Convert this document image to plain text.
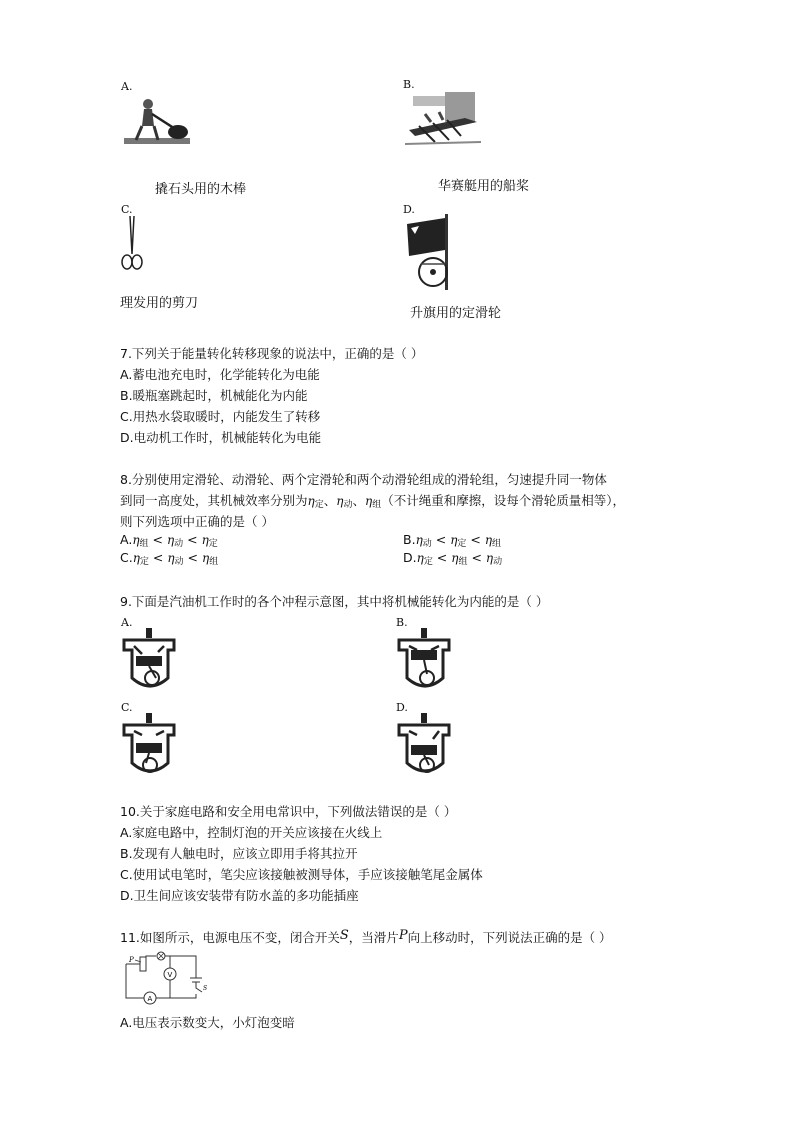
A.
撬石头用的木棒
B.
华赛艇用的船桨
C.
理发用的剪刀
D.
升旗用的定滑轮
7.下列关于能量转化转移现象的说法中，正确的是（ ）
A.蓄电池充电时，化学能转化为电能
B.暖瓶塞跳起时，机械能化为内能
C.用热水袋取暖时，内能发生了转移
D.电动机工作时，机械能转化为电能
8.分别使用定滑轮、动滑轮、两个定滑轮和两个动滑轮组成的滑轮组，匀速提升同一物体
到同一高度处，其机械效率分别为$\eta_定$、$\eta_动$、$\eta_组$（不计绳重和摩擦，设每个滑轮质量相等），
则下列选项中正确的是（ ）
$A.\eta_组 < \eta_动 < \eta_定$	$B.\eta_动 < \eta_定 < \eta_组$
$C.\eta_定 < \eta_动 < \eta_组$	$D.\eta_定 < \eta_组 < \eta_动$
9.下面是汽油机工作时的各个冲程示意图，其中将机械能转化为内能的是（ ）
A.	B.
C.	D.
10.关于家庭电路和安全用电常识中，下列做法错误的是（ ）
A.家庭电路中，控制灯泡的开关应该接在火线上
B.发现有人触电时，应该立即用手将其拉开
C.使用试电笔时，笔尖应该接触被测导体，手应该接触笔尾金属体
D.卫生间应该安装带有防水盖的多功能插座
11.如图所示，电源电压不变，闭合开关S，当滑片P向上移动时，下列说法正确的是（ ）
P
V
S
A
A.电压表示数变大，小灯泡变暗
